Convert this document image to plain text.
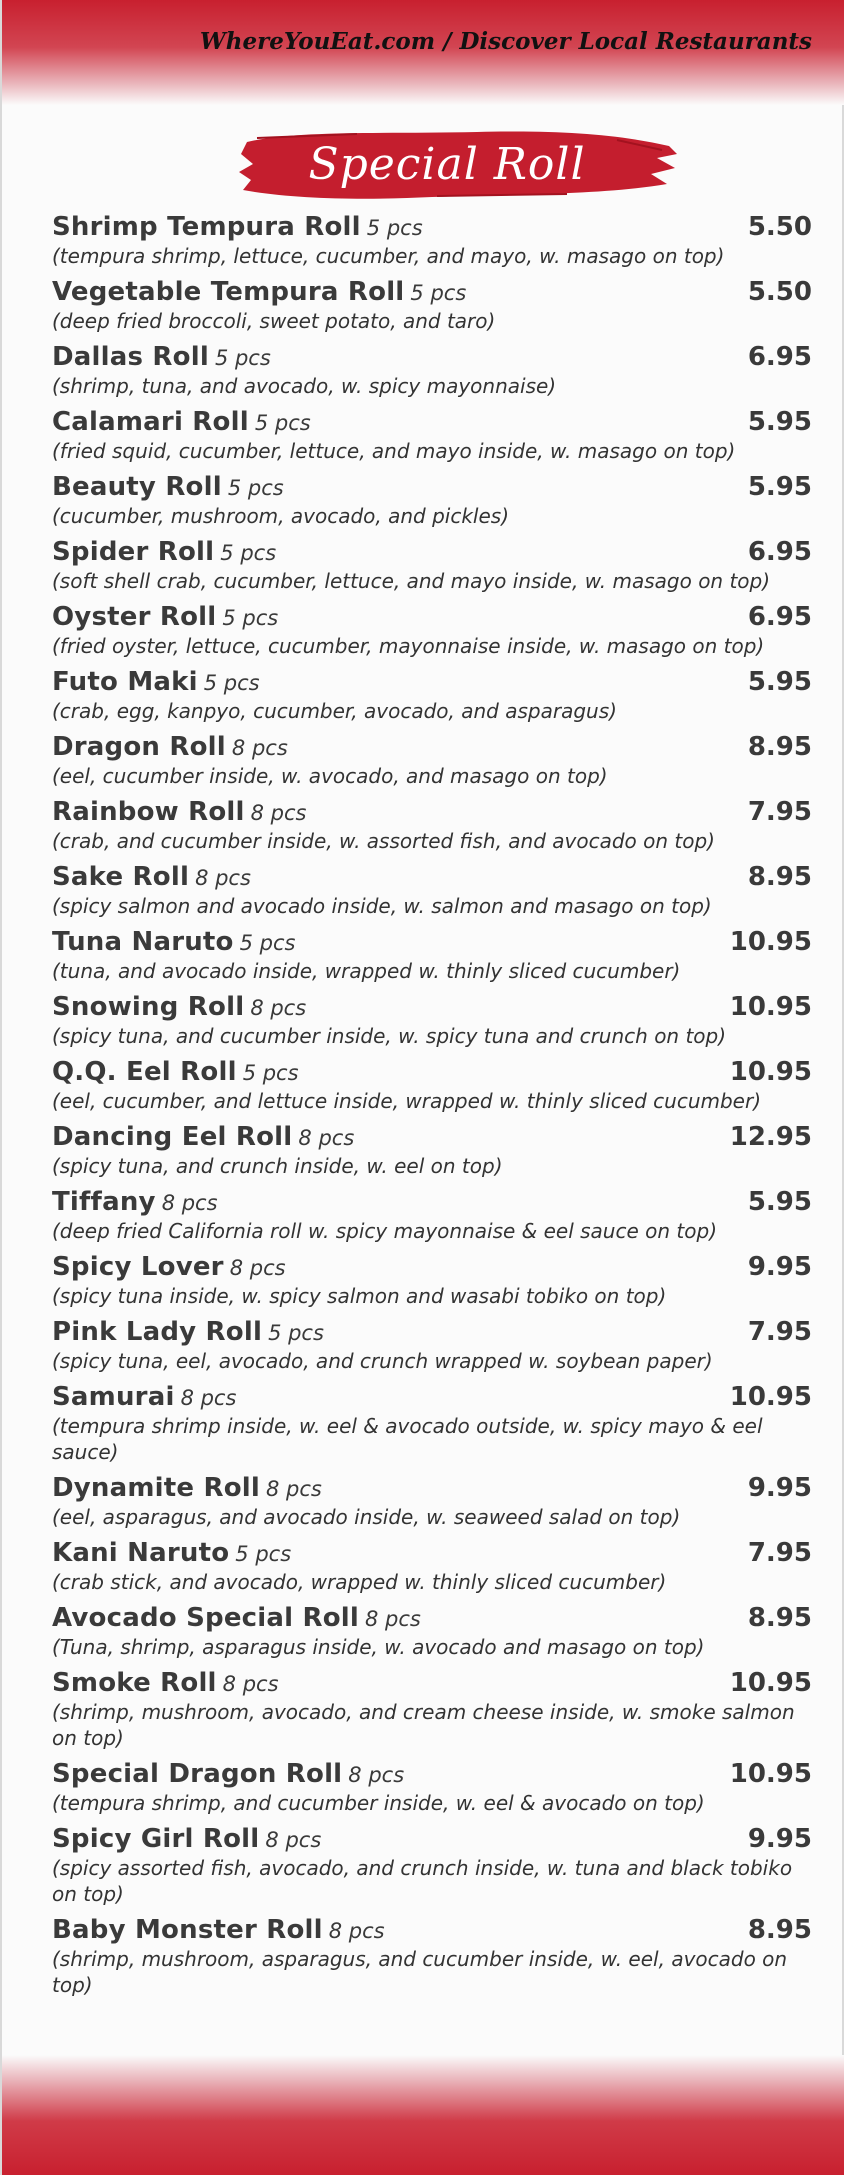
WhereYouEat.com / Discover Local Restaurants
Special Roll

Shrimp Tempura Roll 5 pcs	5.50
(tempura shrimp, lettuce, cucumber, and mayo, w. masago on top)
Vegetable Tempura Roll 5 pcs	5.50
(deep fried broccoli, sweet potato, and taro)
Dallas Roll 5 pcs	6.95
(shrimp, tuna, and avocado, w. spicy mayonnaise)
Calamari Roll 5 pcs	5.95
(fried squid, cucumber, lettuce, and mayo inside, w. masago on top)
Beauty Roll 5 pcs	5.95
(cucumber, mushroom, avocado, and pickles)
Spider Roll 5 pcs	6.95
(soft shell crab, cucumber, lettuce, and mayo inside, w. masago on top)
Oyster Roll 5 pcs	6.95
(fried oyster, lettuce, cucumber, mayonnaise inside, w. masago on top)
Futo Maki 5 pcs	5.95
(crab, egg, kanpyo, cucumber, avocado, and asparagus)
Dragon Roll 8 pcs	8.95
(eel, cucumber inside, w. avocado, and masago on top)
Rainbow Roll 8 pcs	7.95
(crab, and cucumber inside, w. assorted fish, and avocado on top)
Sake Roll 8 pcs	8.95
(spicy salmon and avocado inside, w. salmon and masago on top)
Tuna Naruto 5 pcs	10.95
(tuna, and avocado inside, wrapped w. thinly sliced cucumber)
Snowing Roll 8 pcs	10.95
(spicy tuna, and cucumber inside, w. spicy tuna and crunch on top)
Q.Q. Eel Roll 5 pcs	10.95
(eel, cucumber, and lettuce inside, wrapped w. thinly sliced cucumber)
Dancing Eel Roll 8 pcs	12.95
(spicy tuna, and crunch inside, w. eel on top)
Tiffany 8 pcs	5.95
(deep fried California roll w. spicy mayonnaise & eel sauce on top)
Spicy Lover 8 pcs	9.95
(spicy tuna inside, w. spicy salmon and wasabi tobiko on top)
Pink Lady Roll 5 pcs	7.95
(spicy tuna, eel, avocado, and crunch wrapped w. soybean paper)
Samurai 8 pcs	10.95
(tempura shrimp inside, w. eel & avocado outside, w. spicy mayo & eel sauce)
Dynamite Roll 8 pcs	9.95
(eel, asparagus, and avocado inside, w. seaweed salad on top)
Kani Naruto 5 pcs	7.95
(crab stick, and avocado, wrapped w. thinly sliced cucumber)
Avocado Special Roll 8 pcs	8.95
(Tuna, shrimp, asparagus inside, w. avocado and masago on top)
Smoke Roll 8 pcs	10.95
(shrimp, mushroom, avocado, and cream cheese inside, w. smoke salmon on top)
Special Dragon Roll 8 pcs	10.95
(tempura shrimp, and cucumber inside, w. eel & avocado on top)
Spicy Girl Roll 8 pcs	9.95
(spicy assorted fish, avocado, and crunch inside, w. tuna and black tobiko on top)
Baby Monster Roll 8 pcs	8.95
(shrimp, mushroom, asparagus, and cucumber inside, w. eel, avocado on top)
